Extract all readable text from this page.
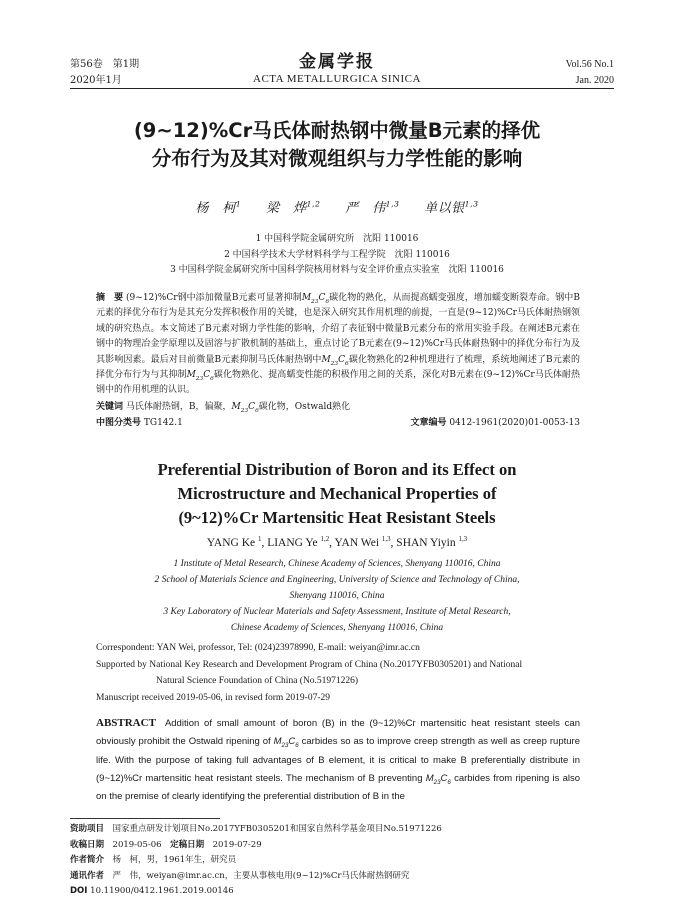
第56卷　第1期
2020年1月
金属学报
ACTA METALLURGICA SINICA
Vol.56 No.1
Jan. 2020
(9~12)%Cr马氏体耐热钢中微量B元素的择优
分布行为及其对微观组织与力学性能的影响
杨　柯$^1$ 梁　烨$^{1,2}$ 严　伟$^{1,3}$ 单以银$^{1,3}$
1 中国科学院金属研究所　沈阳 110016
2 中国科学技术大学材料科学与工程学院　沈阳 110016
3 中国科学院金属研究所中国科学院核用材料与安全评价重点实验室　沈阳 110016
摘　要 (9~12)%Cr钢中添加微量B元素可显著抑制$M_{23}C_6$碳化物的熟化，从而提高蠕变强度，增加蠕变断裂寿命。钢中B元素的择优分布行为是其充分发挥积极作用的关键，也是深入研究其作用机理的前提，一直是(9~12)%Cr马氏体耐热钢领域的研究热点。本文简述了B元素对钢力学性能的影响，介绍了表征钢中微量B元素分布的常用实验手段。在阐述B元素在钢中的物理冶金学原理以及固溶与扩散机制的基础上，重点讨论了B元素在(9~12)%Cr马氏体耐热钢中的择优分布行为及其影响因素。最后对目前微量B元素抑制马氏体耐热钢中$M_{23}C_6$碳化物熟化的2种机理进行了梳理，系统地阐述了B元素的择优分布行为与其抑制$M_{23}C_6$碳化物熟化、提高蠕变性能的积极作用之间的关系，深化对B元素在(9~12)%Cr马氏体耐热钢中的作用机理的认识。
关键词 马氏体耐热钢，B，偏聚，$M_{23}C_6$碳化物，Ostwald熟化
中图分类号 TG142.1	文章编号 0412-1961(2020)01-0053-13
Preferential Distribution of Boron and its Effect on
Microstructure and Mechanical Properties of
(9~12)%Cr Martensitic Heat Resistant Steels
YANG Ke $^1$, LIANG Ye $^{1,2}$, YAN Wei $^{1,3}$, SHAN Yiyin $^{1,3}$
1 Institute of Metal Research, Chinese Academy of Sciences, Shenyang 110016, China
2 School of Materials Science and Engineering, University of Science and Technology of China,
Shenyang 110016, China
3 Key Laboratory of Nuclear Materials and Safety Assessment, Institute of Metal Research,
Chinese Academy of Sciences, Shenyang 110016, China
Correspondent: YAN Wei, professor, Tel: (024)23978990, E-mail: weiyan@imr.ac.cn
Supported by National Key Research and Development Program of China (No.2017YFB0305201) and National
Natural Science Foundation of China (No.51971226)
Manuscript received 2019-05-06, in revised form 2019-07-29
ABSTRACT Addition of small amount of boron (B) in the (9~12)%Cr martensitic heat resistant steels can obviously prohibit the Ostwald ripening of $M_{23}C_6$ carbides so as to improve creep strength as well as creep rupture life. With the purpose of taking full advantages of B element, it is critical to make B preferentially distribute in (9~12)%Cr martensitic heat resistant steels. The mechanism of B preventing $M_{23}C_6$ carbides from ripening is also on the premise of clearly identifying the preferential distribution of B in the
资助项目　 国家重点研发计划项目No.2017YFB0305201和国家自然科学基金项目No.51971226
收稿日期　 2019-05-06　 定稿日期　 2019-07-29
作者简介　 杨　柯，男，1961年生，研究员
通讯作者　 严　伟，weiyan@imr.ac.cn，主要从事核电用(9~12)%Cr马氏体耐热钢研究
DOI 10.11900/0412.1961.2019.00146
